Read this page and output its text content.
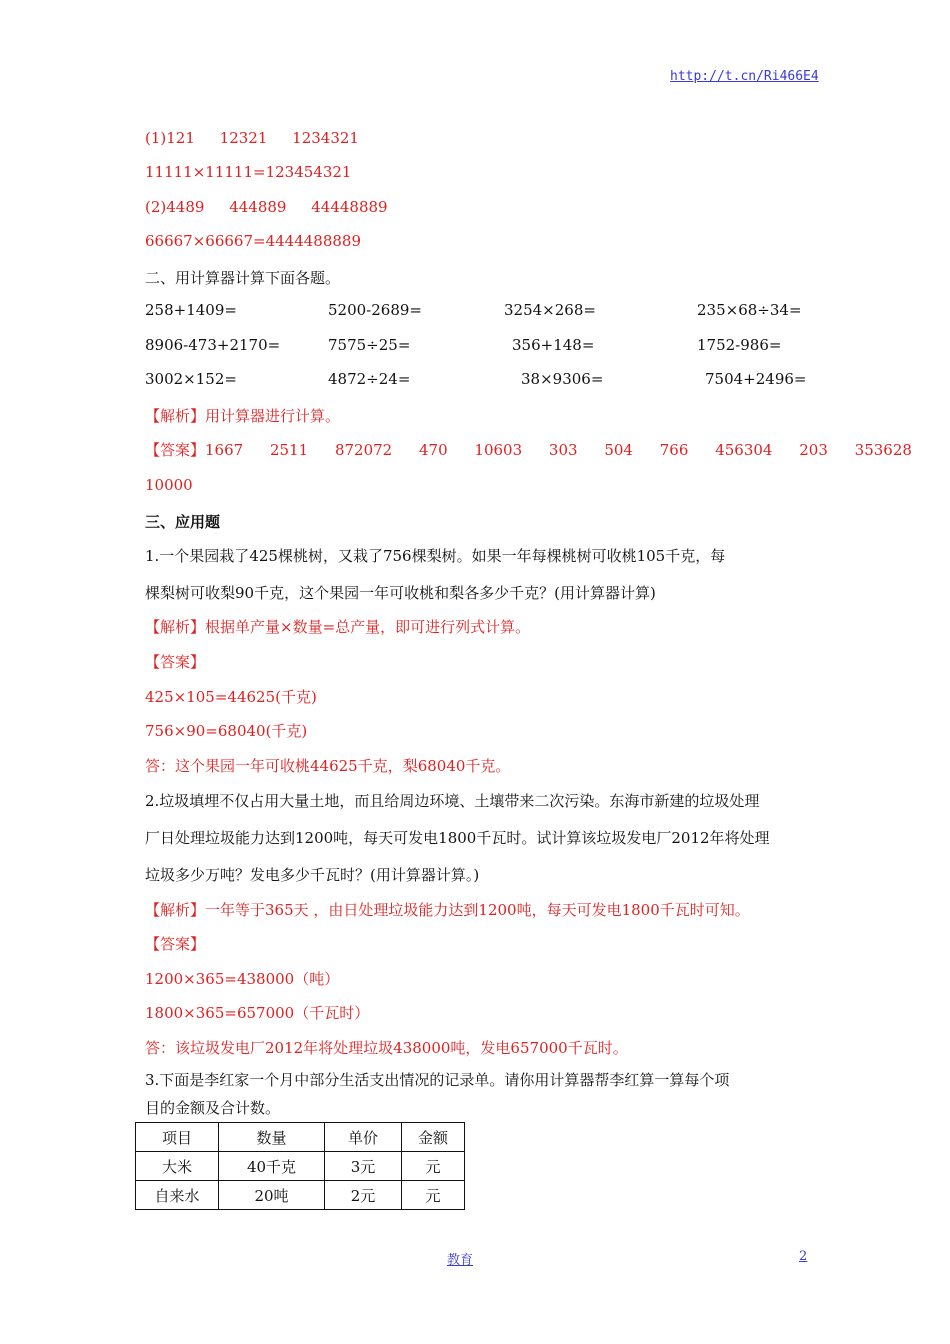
http://t.cn/Ri466E4
(1)121 12321 1234321
11111×11111=123454321
(2)4489 444889 44448889
66667×66667=4444488889
二、用计算器计算下面各题。
258+1409=	5200-2689=	3254×268=	235×68÷34=
8906-473+2170=	7575÷25=	356+148=	1752-986=
3002×152=	4872÷24=	38×9306=	7504+2496=
【解析】用计算器进行计算。
【答案】1667 2511 872072 470 10603 303 504 766 456304 203 353628
10000
三、应用题
1.一个果园栽了425棵桃树，又栽了756棵梨树。如果一年每棵桃树可收桃105千克，每
棵梨树可收梨90千克，这个果园一年可收桃和梨各多少千克？(用计算器计算)
【解析】根据单产量×数量=总产量，即可进行列式计算。
【答案】
425×105=44625(千克)
756×90=68040(千克)
答：这个果园一年可收桃44625千克，梨68040千克。
2.垃圾填埋不仅占用大量土地，而且给周边环境、土壤带来二次污染。东海市新建的垃圾处理
厂日处理垃圾能力达到1200吨，每天可发电1800千瓦时。试计算该垃圾发电厂2012年将处理
垃圾多少万吨？发电多少千瓦时？(用计算器计算。)
【解析】一年等于365天 ，由日处理垃圾能力达到1200吨，每天可发电1800千瓦时可知。
【答案】
1200×365=438000（吨）
1800×365=657000（千瓦时）
答：该垃圾发电厂2012年将处理垃圾438000吨，发电657000千瓦时。
3.下面是李红家一个月中部分生活支出情况的记录单。请你用计算器帮李红算一算每个项
目的金额及合计数。
项目	数量	单价	金额
大米	40千克	3元	元
自来水	20吨	2元	元
教育	2
